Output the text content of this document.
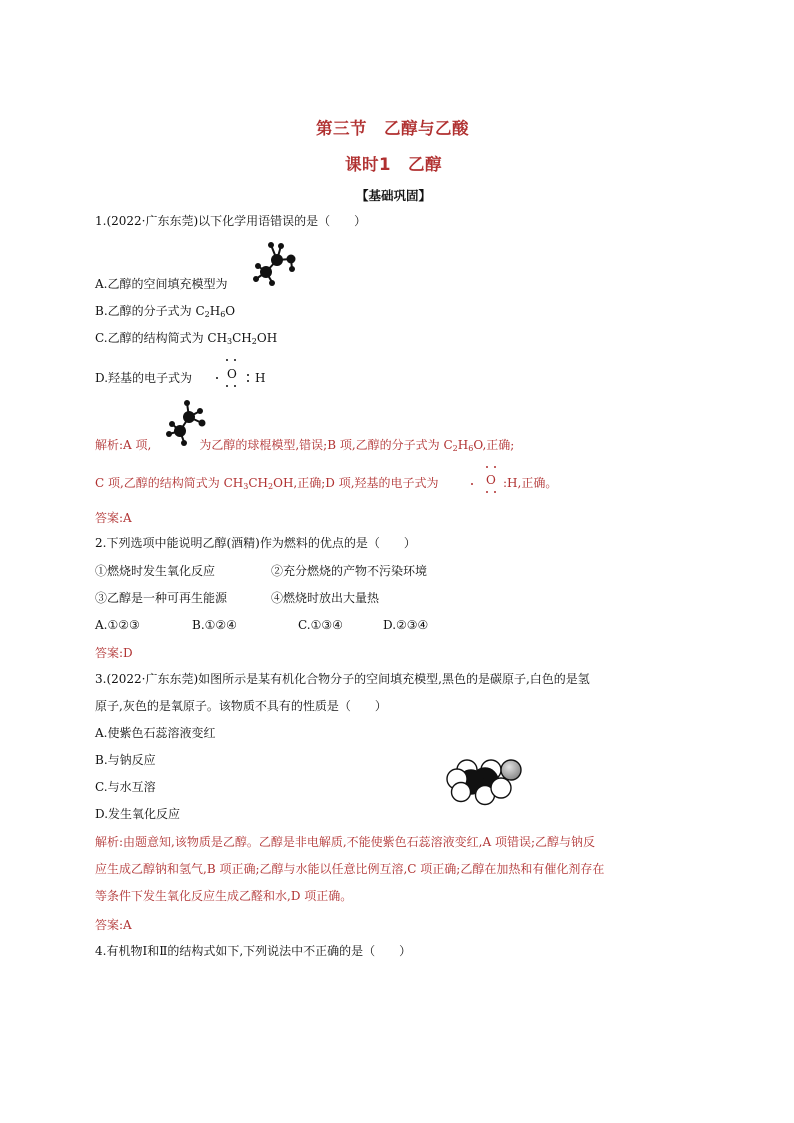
第三节　乙醇与乙酸
课时1　乙醇
【基础巩固】
1.(2022·广东东莞)以下化学用语错误的是（　　）
A.乙醇的空间填充模型为
B.乙醇的分子式为 $C_2H_6O$
C.乙醇的结构简式为 $CH_3CH_2OH$
D.羟基的电子式为	O H
解析:A 项,	为乙醇的球棍模型,错误;B 项,乙醇的分子式为 $C_2H_6O$,正确;
C 项,乙醇的结构简式为 $CH_3CH_2OH$,正确;D 项,羟基的电子式为	O :H,正确。
答案:A
2.下列选项中能说明乙醇(酒精)作为燃料的优点的是（　　）
①燃烧时发生氧化反应	②充分燃烧的产物不污染环境
③乙醇是一种可再生能源	④燃烧时放出大量热
A.①②③	B.①②④	C.①③④	D.②③④
答案:D
3.(2022·广东东莞)如图所示是某有机化合物分子的空间填充模型,黑色的是碳原子,白色的是氢
原子,灰色的是氧原子。该物质不具有的性质是（　　）
A.使紫色石蕊溶液变红
B.与钠反应
C.与水互溶
D.发生氧化反应
解析:由题意知,该物质是乙醇。乙醇是非电解质,不能使紫色石蕊溶液变红,A 项错误;乙醇与钠反
应生成乙醇钠和氢气,B 项正确;乙醇与水能以任意比例互溶,C 项正确;乙醇在加热和有催化剂存在
等条件下发生氧化反应生成乙醛和水,D 项正确。
答案:A
4.有机物Ⅰ和Ⅱ的结构式如下,下列说法中不正确的是（　　）
